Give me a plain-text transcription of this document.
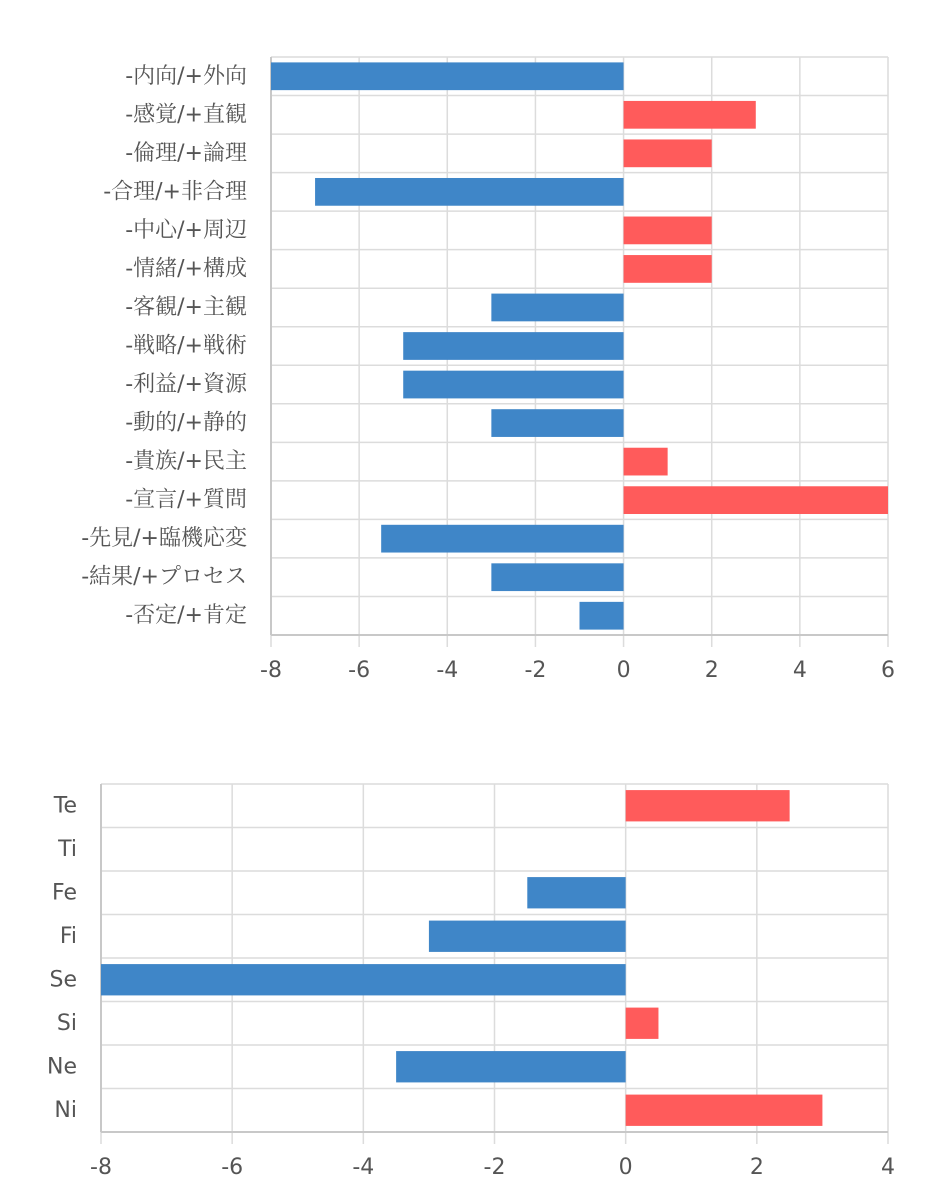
-内向/+外向
-感覚/+直観
-倫理/+論理
-合理/+非合理
-中心/+周辺
-情緒/+構成
-客観/+主観
-戦略/+戦術
-利益/+資源
-動的/+静的
-貴族/+民主
-宣言/+質問
-先見/+臨機応変
-結果/+プロセス
-否定/+肯定
-8	-6	-4	-2	0	2	4	6
Te
Ti
Fe
Fi
Se
Si
Ne
Ni
-8	-6	-4	-2	0	2	4
